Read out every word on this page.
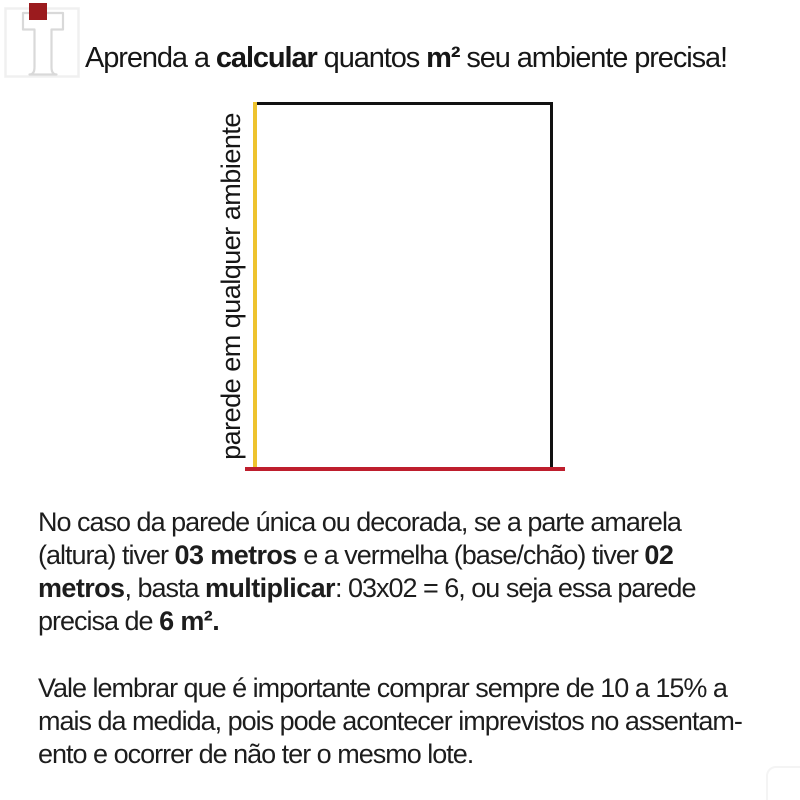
Aprenda a calcular quantos m² seu ambiente precisa!
parede em qualquer ambiente
No caso da parede única ou decorada, se a parte amarela
(altura) tiver 03 metros e a vermelha (base/chão) tiver 02
metros, basta multiplicar: 03x02 = 6, ou seja essa parede
precisa de 6 m².
Vale lembrar que é importante comprar sempre de 10 a 15% a
mais da medida, pois pode acontecer imprevistos no assentam-
ento e ocorrer de não ter o mesmo lote.
